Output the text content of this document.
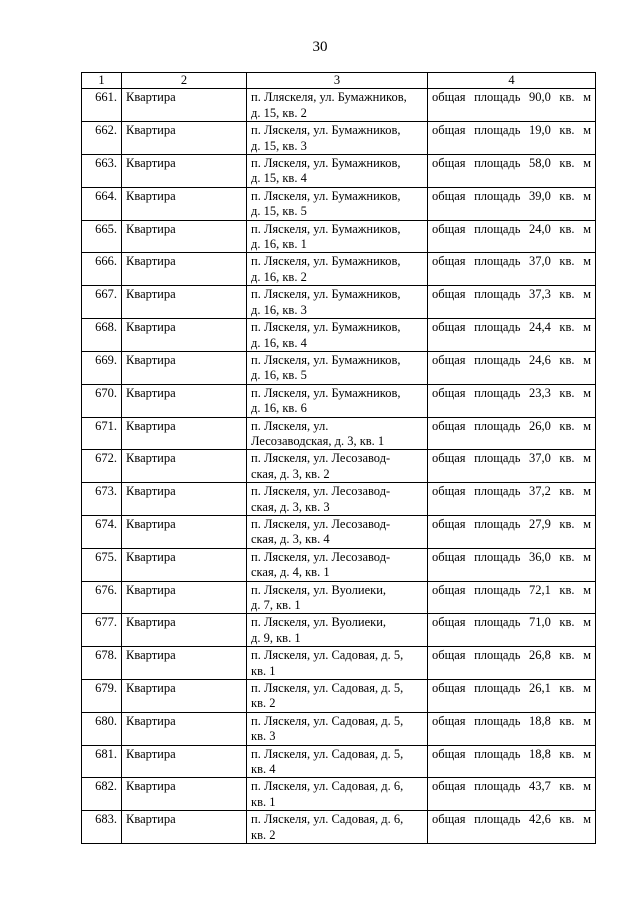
30
1	2	3	4
661.	Квартира	п. Лляскеля, ул. Бумажников,
д. 15, кв. 2	общая площадь 90,0 кв. м
662.	Квартира	п. Ляскеля, ул. Бумажников,
д. 15, кв. 3	общая площадь 19,0 кв. м
663.	Квартира	п. Ляскеля, ул. Бумажников,
д. 15, кв. 4	общая площадь 58,0 кв. м
664.	Квартира	п. Ляскеля, ул. Бумажников,
д. 15, кв. 5	общая площадь 39,0 кв. м
665.	Квартира	п. Ляскеля, ул. Бумажников,
д. 16, кв. 1	общая площадь 24,0 кв. м
666.	Квартира	п. Ляскеля, ул. Бумажников,
д. 16, кв. 2	общая площадь 37,0 кв. м
667.	Квартира	п. Ляскеля, ул. Бумажников,
д. 16, кв. 3	общая площадь 37,3 кв. м
668.	Квартира	п. Ляскеля, ул. Бумажников,
д. 16, кв. 4	общая площадь 24,4 кв. м
669.	Квартира	п. Ляскеля, ул. Бумажников,
д. 16, кв. 5	общая площадь 24,6 кв. м
670.	Квартира	п. Ляскеля, ул. Бумажников,
д. 16, кв. 6	общая площадь 23,3 кв. м
671.	Квартира	п. Ляскеля, ул.
Лесозаводская, д. 3, кв. 1	общая площадь 26,0 кв. м
672.	Квартира	п. Ляскеля, ул. Лесозавод-
ская, д. 3, кв. 2	общая площадь 37,0 кв. м
673.	Квартира	п. Ляскеля, ул. Лесозавод-
ская, д. 3, кв. 3	общая площадь 37,2 кв. м
674.	Квартира	п. Ляскеля, ул. Лесозавод-
ская, д. 3, кв. 4	общая площадь 27,9 кв. м
675.	Квартира	п. Ляскеля, ул. Лесозавод-
ская, д. 4, кв. 1	общая площадь 36,0 кв. м
676.	Квартира	п. Ляскеля, ул. Вуолиеки,
д. 7, кв. 1	общая площадь 72,1 кв. м
677.	Квартира	п. Ляскеля, ул. Вуолиеки,
д. 9, кв. 1	общая площадь 71,0 кв. м
678.	Квартира	п. Ляскеля, ул. Садовая, д. 5,
кв. 1	общая площадь 26,8 кв. м
679.	Квартира	п. Ляскеля, ул. Садовая, д. 5,
кв. 2	общая площадь 26,1 кв. м
680.	Квартира	п. Ляскеля, ул. Садовая, д. 5,
кв. 3	общая площадь 18,8 кв. м
681.	Квартира	п. Ляскеля, ул. Садовая, д. 5,
кв. 4	общая площадь 18,8 кв. м
682.	Квартира	п. Ляскеля, ул. Садовая, д. 6,
кв. 1	общая площадь 43,7 кв. м
683.	Квартира	п. Ляскеля, ул. Садовая, д. 6,
кв. 2	общая площадь 42,6 кв. м
